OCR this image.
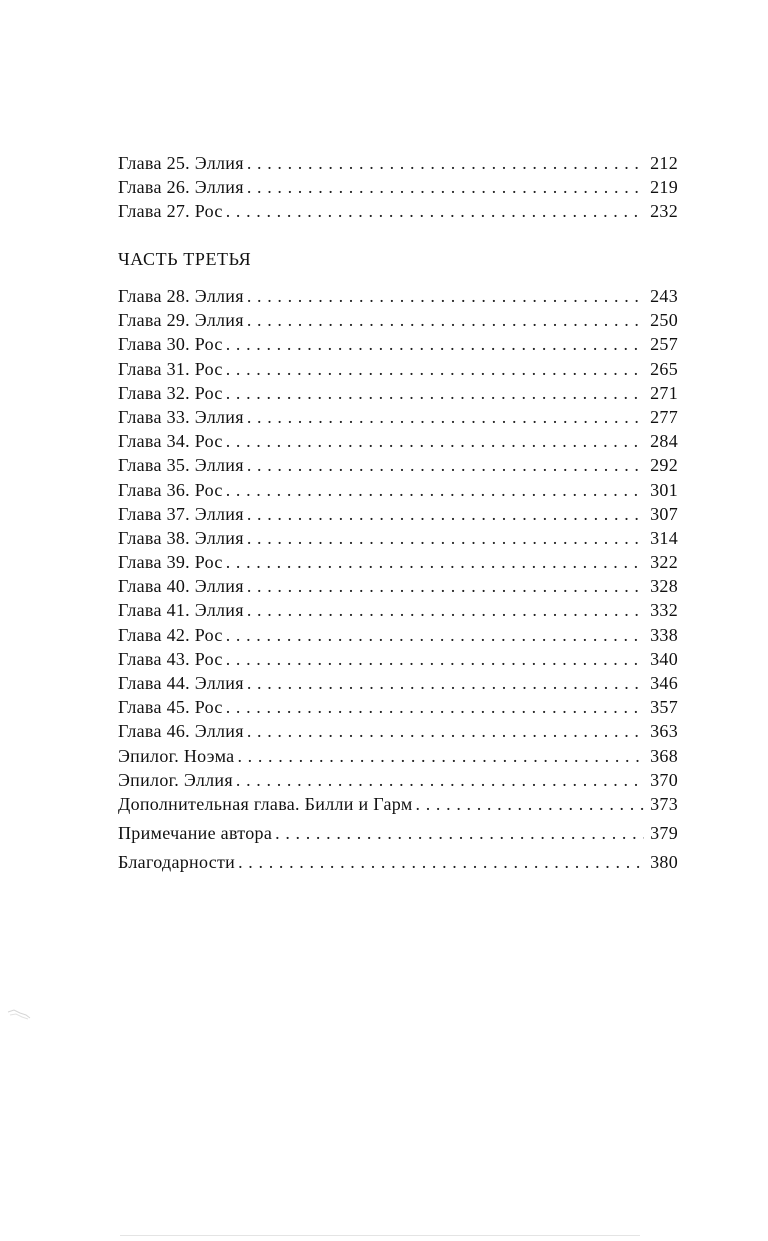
Глава 25. Эллия . . .	212
Глава 26. Эллия . . .	219
Глава 27. Рос . . .	232
ЧАСТЬ ТРЕТЬЯ
Глава 28. Эллия . . .	243
Глава 29. Эллия . . .	250
Глава 30. Рос . . .	257
Глава 31. Рос . . .	265
Глава 32. Рос . . .	271
Глава 33. Эллия . . .	277
Глава 34. Рос . . .	284
Глава 35. Эллия . . .	292
Глава 36. Рос . . .	301
Глава 37. Эллия . . .	307
Глава 38. Эллия . . .	314
Глава 39. Рос . . .	322
Глава 40. Эллия . . .	328
Глава 41. Эллия . . .	332
Глава 42. Рос . . .	338
Глава 43. Рос . . .	340
Глава 44. Эллия . . .	346
Глава 45. Рос . . .	357
Глава 46. Эллия . . .	363
Эпилог. Ноэма . . .	368
Эпилог. Эллия . . .	370
Дополнительная глава. Билли и Гарм . . .	373
Примечание автора . . .	379
Благодарности . . .	380
